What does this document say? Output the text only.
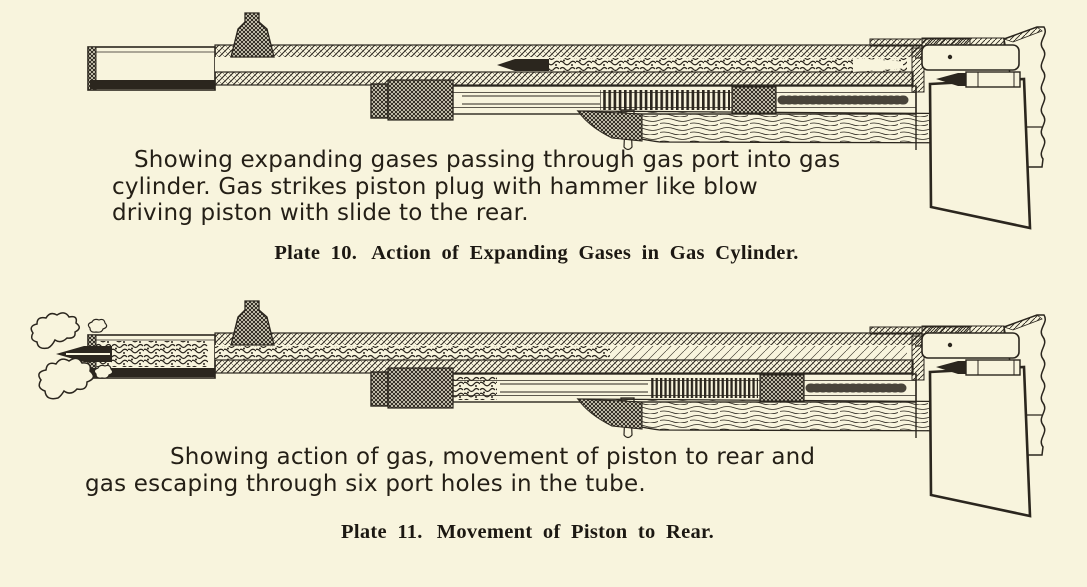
Showing expanding gases passing through gas port into gas
cylinder. Gas strikes piston plug with hammer like blow
driving piston with slide to the rear.
Plate 10. Action of Expanding Gases in Gas Cylinder.
Showing action of gas, movement of piston to rear and
gas escaping through six port holes in the tube.
Plate 11. Movement of Piston to Rear.
